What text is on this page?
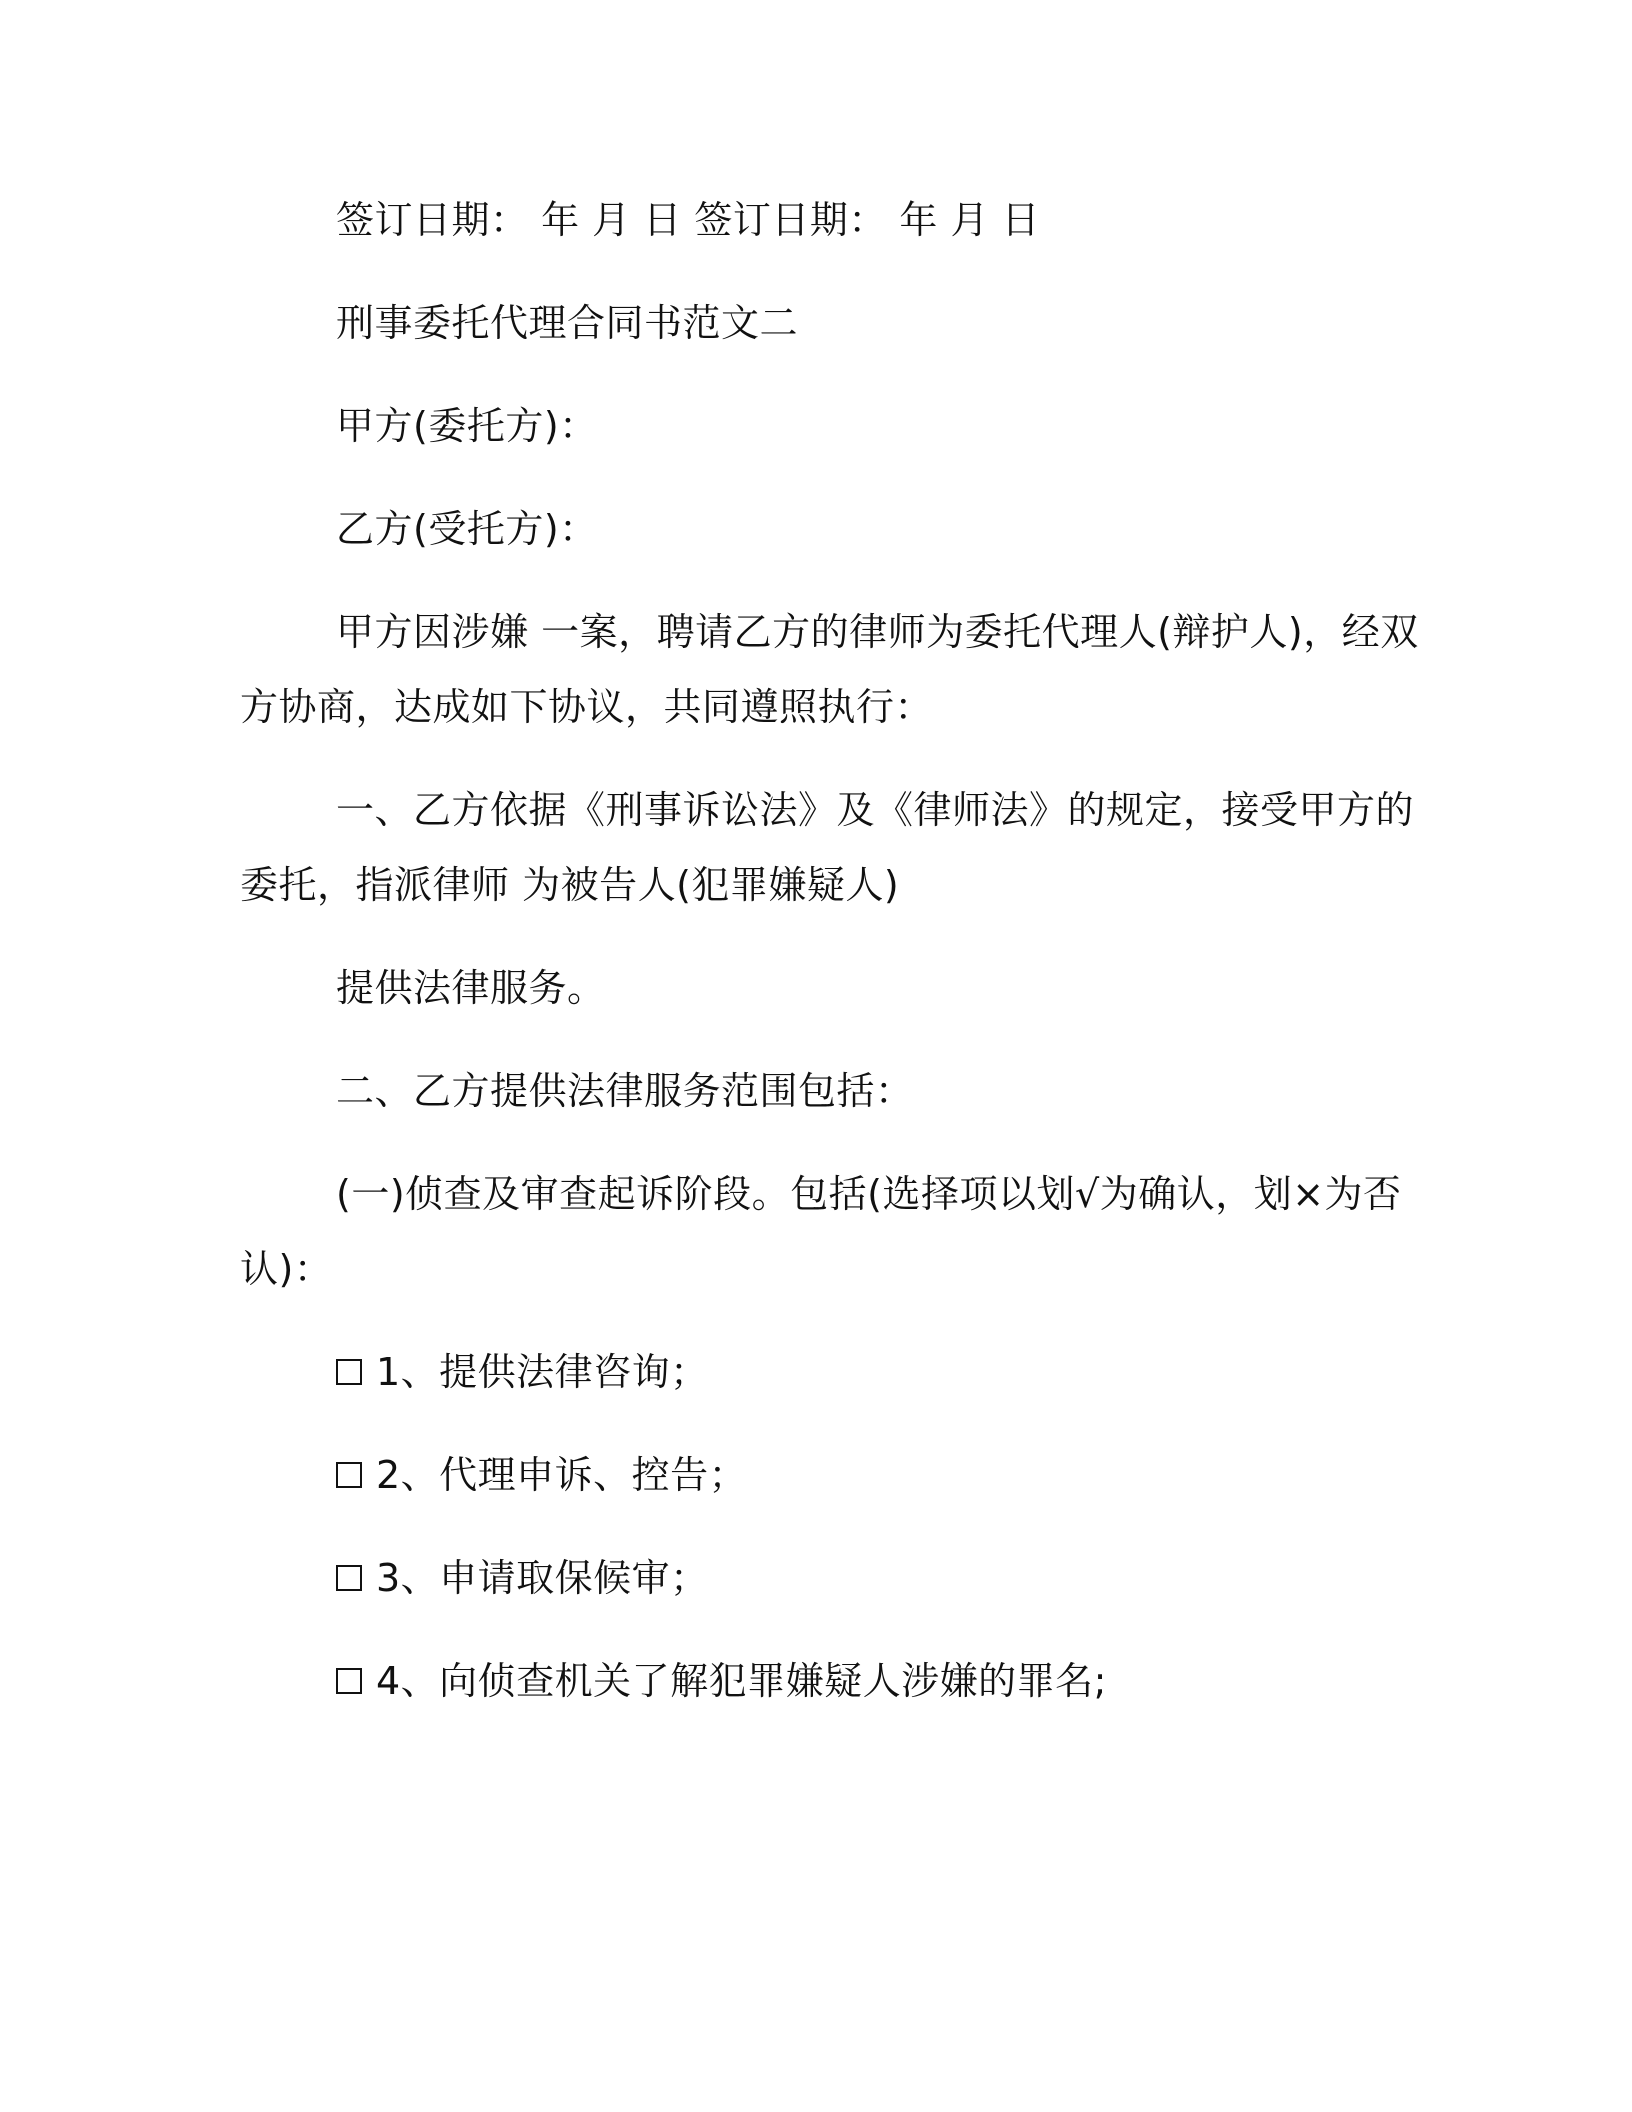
签订日期： 年 月 日 签订日期： 年 月 日
刑事委托代理合同书范文二
甲方(委托方)：
乙方(受托方)：
甲方因涉嫌 一案，聘请乙方的律师为委托代理人(辩护人)，经双
方协商，达成如下协议，共同遵照执行：
一、乙方依据《刑事诉讼法》及《律师法》的规定，接受甲方的
委托，指派律师 为被告人(犯罪嫌疑人)
提供法律服务。
二、乙方提供法律服务范围包括：
(一)侦查及审查起诉阶段。包括(选择项以划√为确认，划×为否
认)：
1、提供法律咨询；
2、代理申诉、控告；
3、申请取保候审；
4、向侦查机关了解犯罪嫌疑人涉嫌的罪名;
